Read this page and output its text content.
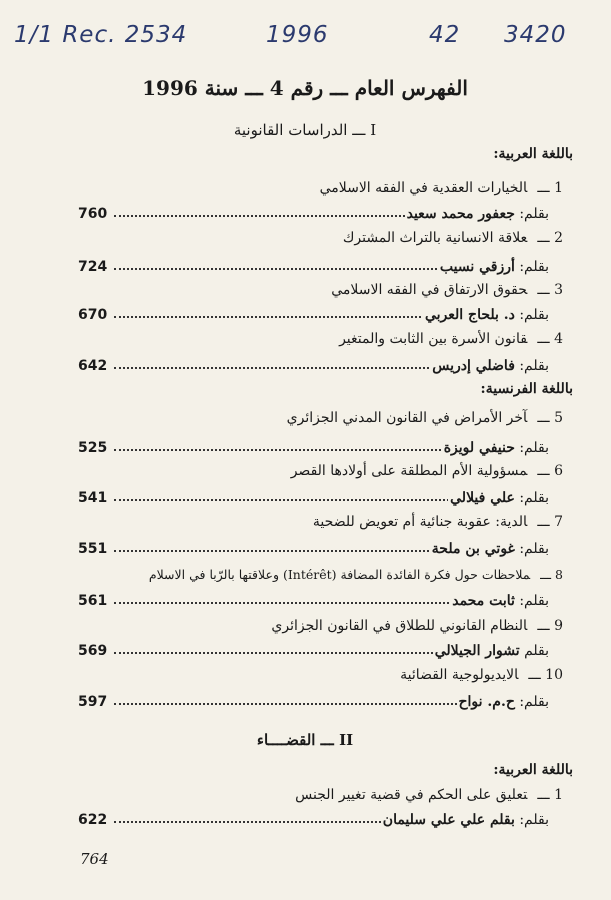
1/1 Rec. 2534	1996	42 3420
الفهرس العام ـــ رقم 4 ـــ سنة 1996
I ـــ الدراسات القانونية
باللغة العربية:
1 ـــالخيارات العقدية في الفقه الاسلامي
760	بقلم: جعفور محمد سعيد
2 ـــعلاقة الانسانية بالتراث المشترك
724	بقلم: أرزقي نسيب
3 ـــحقوق الارتفاق في الفقه الاسلامي
670	بقلم: د. بلحاج العربي
4 ـــقانون الأسرة بين الثابت والمتغير
642	بقلم: فاضلي إدريس
باللغة الفرنسية:
5 ـــآخر الأمراض في القانون المدني الجزائري
525	بقلم: حنيفي لويزة
6 ـــمسؤولية الأم المطلقة على أولادها القصر
541	بقلم: علي فيلالي
7 ـــالدية: عقوبة جنائية أم تعويض للضحية
551	بقلم: غوتي بن ملحة
8 ـــملاحظات حول فكرة الفائدة المضافة (Intérêt) وعلاقتها بالرّبا في الاسلام
561	بقلم: ثابت محمد
9 ـــالنظام القانوني للطلاق في القانون الجزائري
569	بقلم تشوار الجيلالي
10 ـــالايديولوجية القضائية
597	بقلم: ح.م. نواح
II ـــ القضــــاء
باللغة العربية:
1 ـــتعليق على الحكم في قضية تغيير الجنس
622	بقلم: بقلم علي علي سليمان
764
